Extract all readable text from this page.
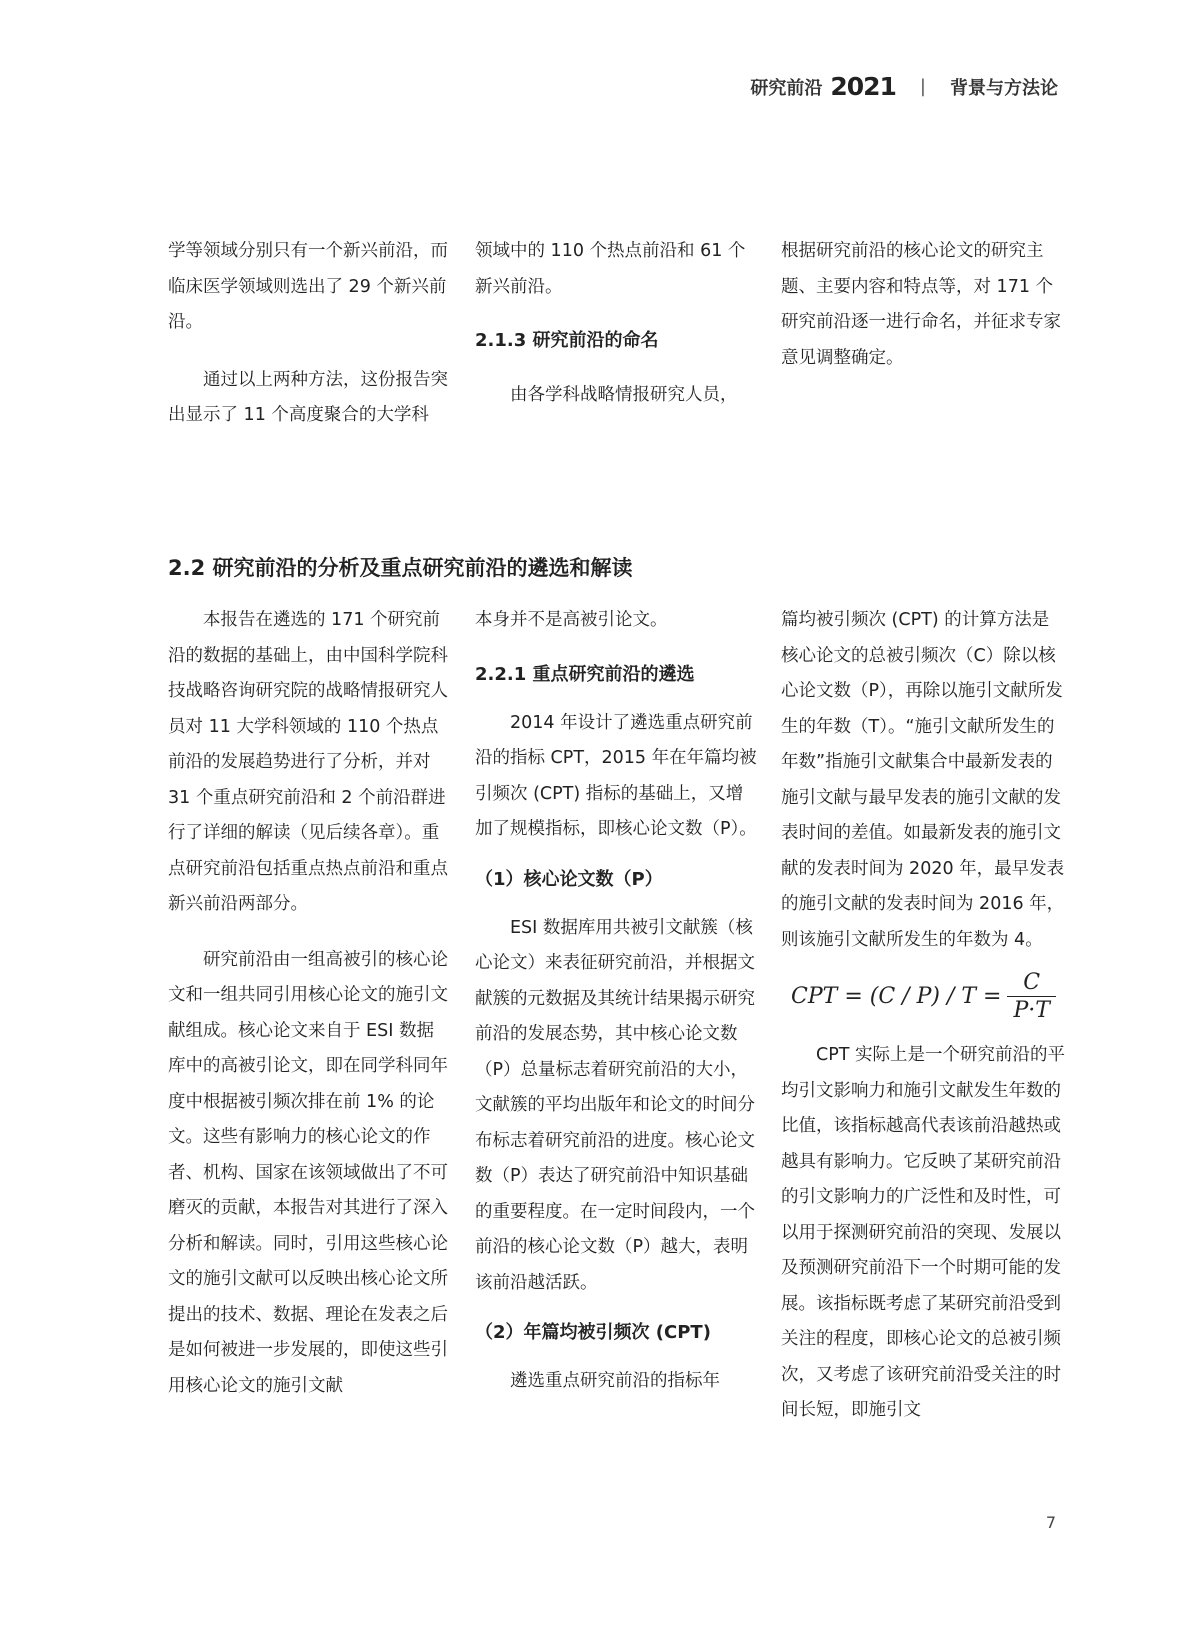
研究前沿 2021 | 背景与方法论

学等领域分别只有一个新兴前沿，而临床医学领域则选出了 29 个新兴前沿。

通过以上两种方法，这份报告突出显示了 11 个高度聚合的大学科

领域中的 110 个热点前沿和 61 个新兴前沿。

2.1.3 研究前沿的命名

由各学科战略情报研究人员，

根据研究前沿的核心论文的研究主题、主要内容和特点等，对 171 个研究前沿逐一进行命名，并征求专家意见调整确定。

2.2 研究前沿的分析及重点研究前沿的遴选和解读

本报告在遴选的 171 个研究前沿的数据的基础上，由中国科学院科技战略咨询研究院的战略情报研究人员对 11 大学科领域的 110 个热点前沿的发展趋势进行了分析，并对 31 个重点研究前沿和 2 个前沿群进行了详细的解读（见后续各章）。重点研究前沿包括重点热点前沿和重点新兴前沿两部分。

研究前沿由一组高被引的核心论文和一组共同引用核心论文的施引文献组成。核心论文来自于 ESI 数据库中的高被引论文，即在同学科同年度中根据被引频次排在前 1% 的论文。这些有影响力的核心论文的作者、机构、国家在该领域做出了不可磨灭的贡献，本报告对其进行了深入分析和解读。同时，引用这些核心论文的施引文献可以反映出核心论文所提出的技术、数据、理论在发表之后是如何被进一步发展的，即使这些引用核心论文的施引文献

本身并不是高被引论文。

2.2.1 重点研究前沿的遴选

2014 年设计了遴选重点研究前沿的指标 CPT，2015 年在年篇均被引频次 (CPT) 指标的基础上，又增加了规模指标，即核心论文数（P）。

（1）核心论文数（P）

ESI 数据库用共被引文献簇（核心论文）来表征研究前沿，并根据文献簇的元数据及其统计结果揭示研究前沿的发展态势，其中核心论文数（P）总量标志着研究前沿的大小，文献簇的平均出版年和论文的时间分布标志着研究前沿的进度。核心论文数（P）表达了研究前沿中知识基础的重要程度。在一定时间段内，一个前沿的核心论文数（P）越大，表明该前沿越活跃。

（2）年篇均被引频次 (CPT)

遴选重点研究前沿的指标年

篇均被引频次 (CPT) 的计算方法是核心论文的总被引频次（C）除以核心论文数（P），再除以施引文献所发生的年数（T）。“施引文献所发生的年数”指施引文献集合中最新发表的施引文献与最早发表的施引文献的发表时间的差值。如最新发表的施引文献的发表时间为 2020 年，最早发表的施引文献的发表时间为 2016 年，则该施引文献所发生的年数为 4。

CPT = $(C / P) / T = \frac{C}{P\cdot T}$

CPT 实际上是一个研究前沿的平均引文影响力和施引文献发生年数的比值，该指标越高代表该前沿越热或越具有影响力。它反映了某研究前沿的引文影响力的广泛性和及时性，可以用于探测研究前沿的突现、发展以及预测研究前沿下一个时期可能的发展。该指标既考虑了某研究前沿受到关注的程度，即核心论文的总被引频次，又考虑了该研究前沿受关注的时间长短，即施引文

7
